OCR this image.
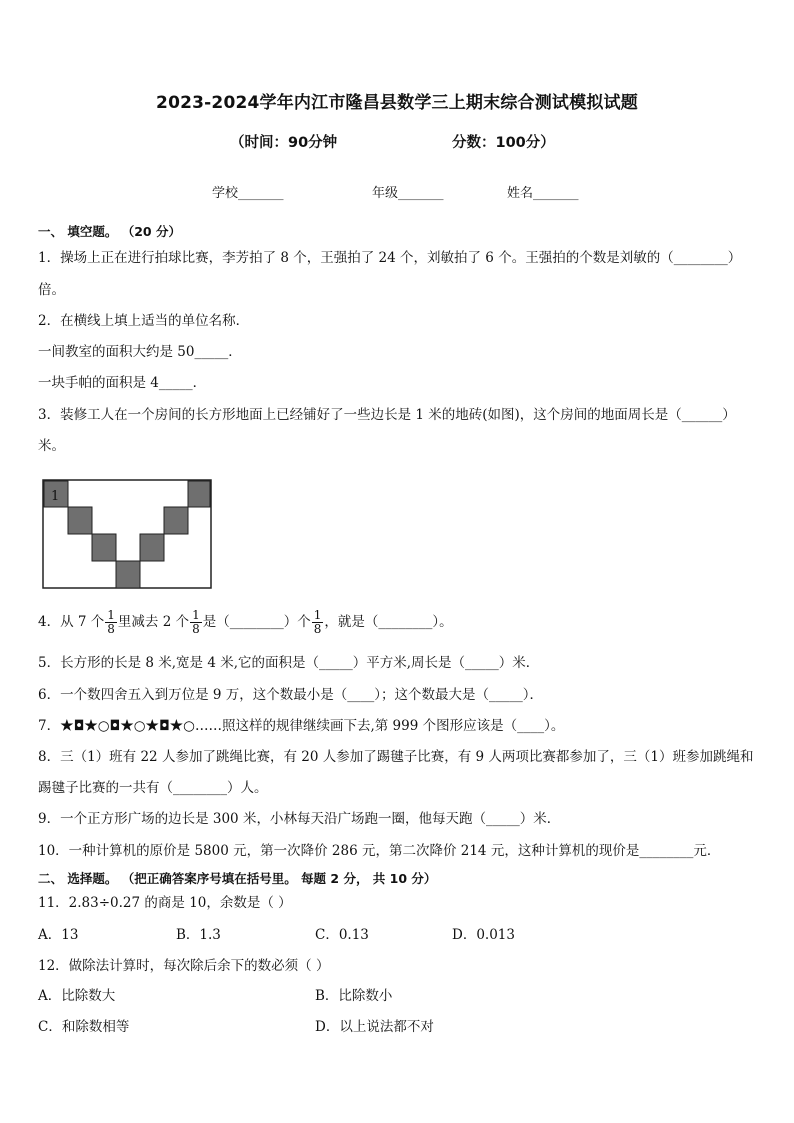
2023-2024学年内江市隆昌县数学三上期末综合测试模拟试题
（时间：90分钟	分数：100分）
学校_______	年级_______	姓名_______
一、 填空题。 （20 分）
1．操场上正在进行拍球比赛，李芳拍了 8 个，王强拍了 24 个，刘敏拍了 6 个。王强拍的个数是刘敏的（________）
倍。
2．在横线上填上适当的单位名称．
一间教室的面积大约是 50_____．
一块手帕的面积是 4_____．
3．装修工人在一个房间的长方形地面上已经铺好了一些边长是 1 米的地砖(如图)，这个房间的地面周长是（______）
米。
1
4．从 7 个 $\frac{1}{8}$ 里减去 2 个 $\frac{1}{8}$ 是（________）个 $\frac{1}{8}$ ，就是（________）。
5．长方形的长是 8 米,宽是 4 米,它的面积是（_____）平方米,周长是（_____）米．
6．一个数四舍五入到万位是 9 万，这个数最小是（____）；这个数最大是（_____）．
7．★◘★○◘★○★◘★○……照这样的规律继续画下去,第 999 个图形应该是（____）。
8．三（1）班有 22 人参加了跳绳比赛，有 20 人参加了踢毽子比赛，有 9 人两项比赛都参加了，三（1）班参加跳绳和
踢毽子比赛的一共有（________）人。
9．一个正方形广场的边长是 300 米，小林每天沿广场跑一圈，他每天跑（_____）米．
10．一种计算机的原价是 5800 元，第一次降价 286 元，第二次降价 214 元，这种计算机的现价是________元．
二、 选择题。 （把正确答案序号填在括号里。 每题 2 分， 共 10 分）
11．2.83÷0.27 的商是 10，余数是（ ）
A．13	B．1.3	C．0.13	D．0.013
12．做除法计算时，每次除后余下的数必须（ ）
A．比除数大	B．比除数小
C．和除数相等	D．以上说法都不对
